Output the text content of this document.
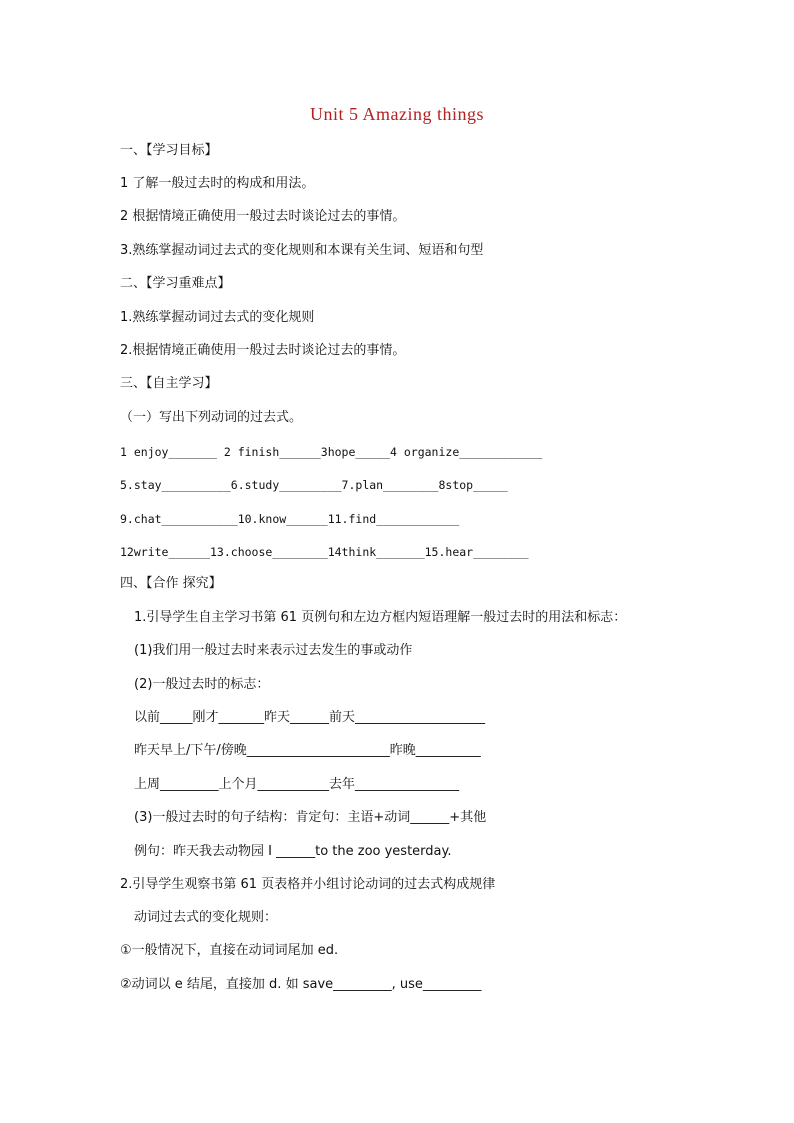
Unit 5 Amazing things
一、【学习目标】
1 了解一般过去时的构成和用法。
2 根据情境正确使用一般过去时谈论过去的事情。
3.熟练掌握动词过去式的变化规则和本课有关生词、短语和句型
二、【学习重难点】
1.熟练掌握动词过去式的变化规则
2.根据情境正确使用一般过去时谈论过去的事情。
三、【自主学习】
（一）写出下列动词的过去式。
1 enjoy_______ 2 finish______3hope_____4 organize____________
5.stay__________6.study_________7.plan________8stop_____
9.chat___________10.know______11.find____________
12write______13.choose________14think_______15.hear________
四、【合作 探究】
1.引导学生自主学习书第 61 页例句和左边方框内短语理解一般过去时的用法和标志：
(1)我们用一般过去时来表示过去发生的事或动作
(2)一般过去时的标志：
以前_____刚才_______昨天______前天____________________
昨天早上/下午/傍晚______________________昨晚__________
上周_________上个月___________去年________________
(3)一般过去时的句子结构：肯定句：主语+动词______+其他
例句：昨天我去动物园 I ______to the zoo yesterday.
2.引导学生观察书第 61 页表格并小组讨论动词的过去式构成规律
动词过去式的变化规则：
①一般情况下，直接在动词词尾加 ed.
②动词以 e 结尾，直接加 d. 如 save_________, use_________
